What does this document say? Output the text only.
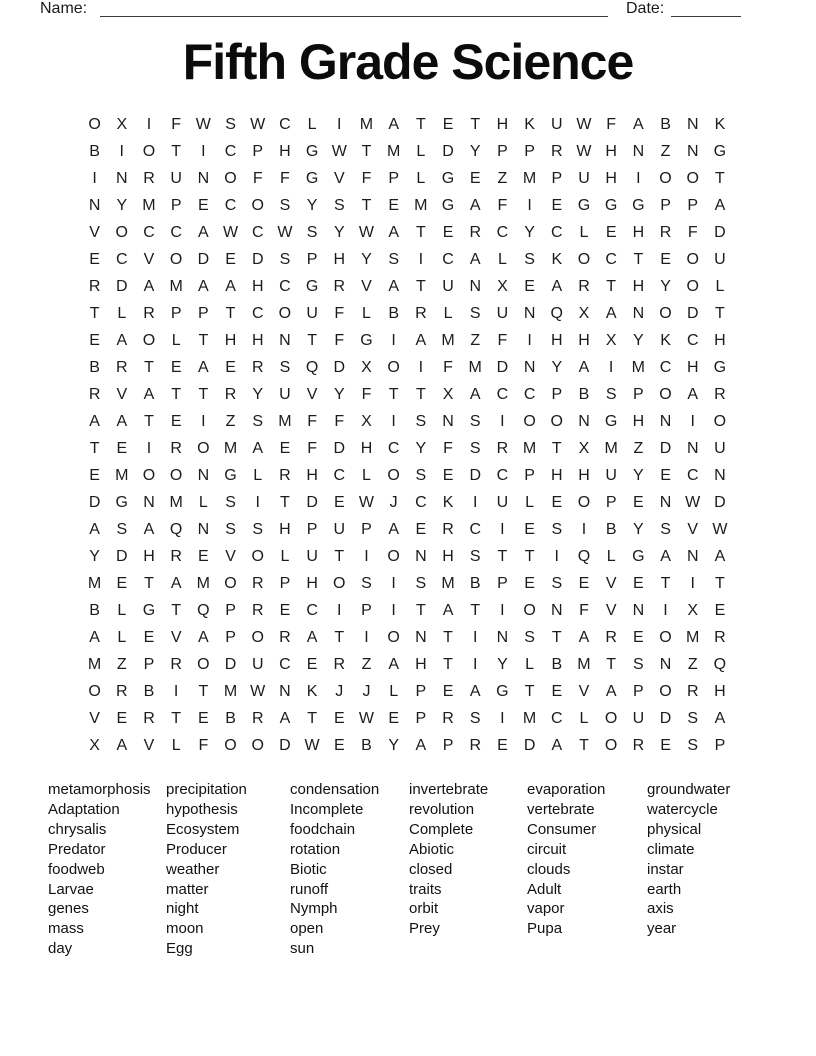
Name:	Date:
Fifth Grade Science
O X	I	F W S W C	L	I	M A	T	E	T	H	K	U W F	A	B	N	K
B	I	O	T	I	C	P	H G W T M	L	D	Y	P	P	R W H N	Z	N G
I	N R U N O	F	F	G V	F	P	L	G E	Z M P	U H	I	O O	T
N	Y M P	E	C O S	Y	S	T	E M G A	F	I	E G G G P	P	A
V O C C	A W C W S	Y W A	T	E	R C	Y	C	L	E	H R	F	D
E	C	V O D	E	D	S	P	H	Y	S	I	C	A	L	S	K O C	T	E O U
R D	A M A	A	H C G R	V	A	T	U N	X	E	A	R	T	H	Y O	L
T	L	R	P	P	T	C O U	F	L	B	R	L	S	U N Q X	A	N O D	T
E	A O	L	T	H H N	T	F	G	I	A M Z	F	I	H H	X	Y	K	C H
B	R	T	E	A	E	R	S Q D	X O	I	F M D N	Y	A	I	M C H G
R	V	A	T	T	R	Y	U	V	Y	F	T	T	X	A	C C	P	B	S	P O A	R
A	A	T	E	I	Z	S M F	F	X	I	S	N	S	I	O O N G H N	I	O
T	E	I	R O M A	E	F	D H C	Y	F	S	R M T	X M Z	D N U
E M O O N G	L	R H C	L	O S	E	D C	P	H H U	Y	E	C N
D G N M	L	S	I	T	D	E W J	C	K	I	U	L	E O P	E	N W D
A	S	A Q N	S	S	H	P	U	P	A	E	R C	I	E	S	I	B	Y	S	V W
Y	D H R	E	V O	L	U	T	I	O N H	S	T	T	I	Q	L	G A	N	A
M E	T	A M O R	P	H O S	I	S M B	P	E	S	E	V	E	T	I	T
B	L	G	T	Q P	R	E	C	I	P	I	T	A	T	I	O N	F	V	N	I	X	E
A	L	E	V	A	P O R	A	T	I	O N	T	I	N	S	T	A	R	E O M R
M Z	P	R O D U C	E	R	Z	A	H	T	I	Y	L	B M T	S	N	Z	Q
O R	B	I	T M W N	K	J	J	L	P	E	A G	T	E	V	A	P O R H
V	E	R	T	E	B	R	A	T	E W E	P	R	S	I	M C	L	O U D	S	A
X	A	V	L	F	O O D W E	B	Y	A	P	R	E	D	A	T	O R	E	S	P
metamorphosis
Adaptation
chrysalis
Predator
foodweb
Larvae
genes
mass
day
precipitation
hypothesis
Ecosystem
Producer
weather
matter
night
moon
Egg
condensation
Incomplete
foodchain
rotation
Biotic
runoff
Nymph
open
sun
invertebrate
revolution
Complete
Abiotic
closed
traits
orbit
Prey
evaporation
vertebrate
Consumer
circuit
clouds
Adult
vapor
Pupa
groundwater
watercycle
physical
climate
instar
earth
axis
year
